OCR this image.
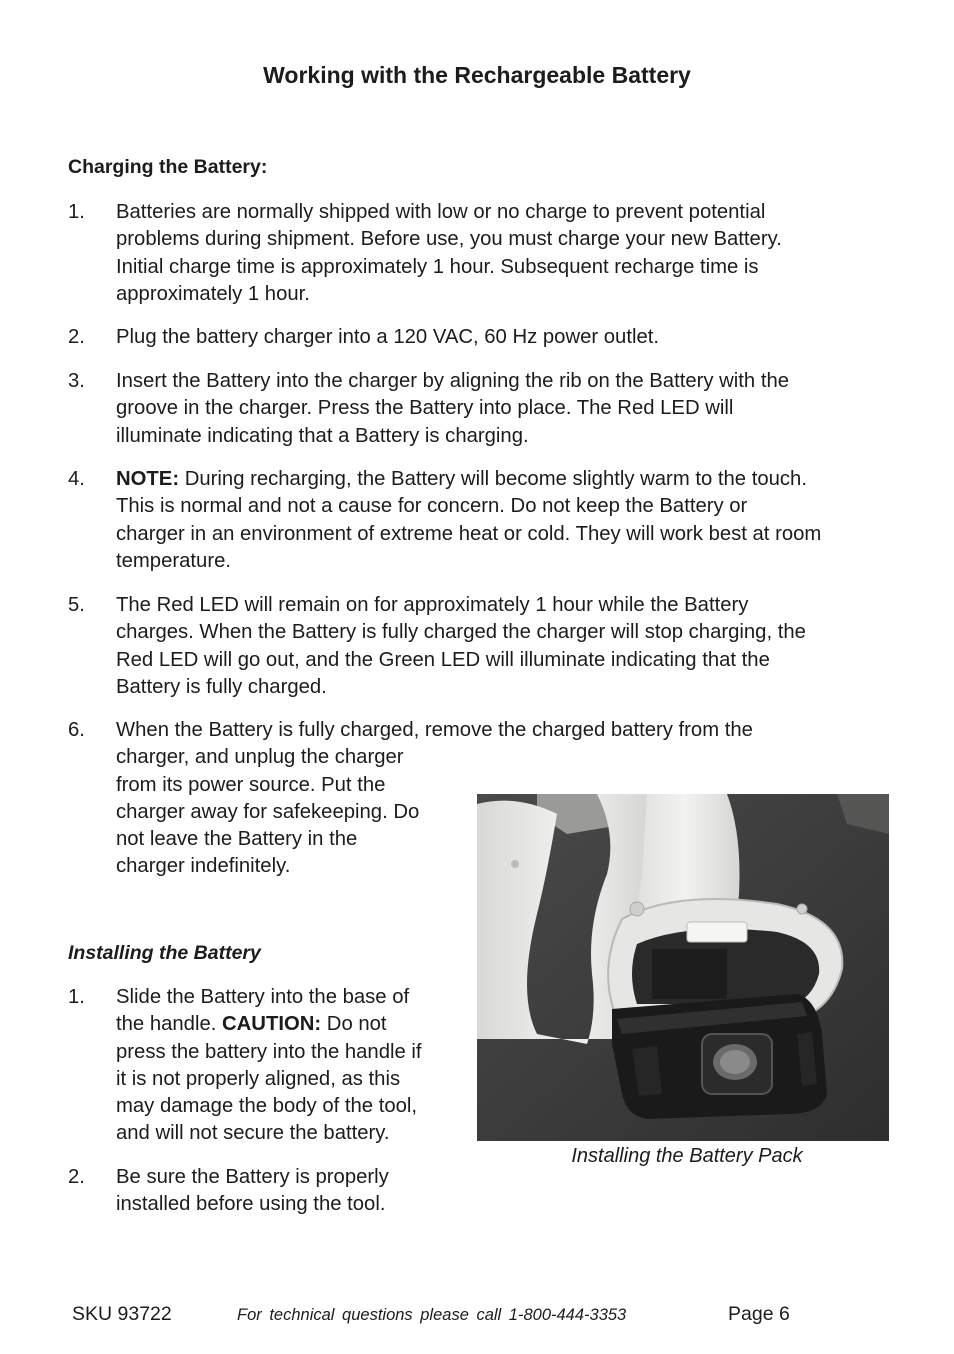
Working with the Rechargeable Battery
Charging the Battery:
1. Batteries are normally shipped with low or no charge to prevent potential
problems during shipment. Before use, you must charge your new Battery.
Initial charge time is approximately 1 hour. Subsequent recharge time is
approximately 1 hour.
2. Plug the battery charger into a 120 VAC, 60 Hz power outlet.
3. Insert the Battery into the charger by aligning the rib on the Battery with the
groove in the charger. Press the Battery into place. The Red LED will
illuminate indicating that a Battery is charging.
4. NOTE: During recharging, the Battery will become slightly warm to the touch.
This is normal and not a cause for concern. Do not keep the Battery or
charger in an environment of extreme heat or cold. They will work best at room
temperature.
5. The Red LED will remain on for approximately 1 hour while the Battery
charges. When the Battery is fully charged the charger will stop charging, the
Red LED will go out, and the Green LED will illuminate indicating that the
Battery is fully charged.
6. When the Battery is fully charged, remove the charged battery from the
charger, and unplug the charger
from its power source. Put the
charger away for safekeeping. Do
not leave the Battery in the
charger indefinitely.
Installing the Battery
1. Slide the Battery into the base of
the handle. CAUTION: Do not
press the battery into the handle if
it is not properly aligned, as this
may damage the body of the tool,
and will not secure the battery.
2. Be sure the Battery is properly
installed before using the tool.
Installing the Battery Pack
SKU 93722	For technical questions please call 1-800-444-3353	Page 6
